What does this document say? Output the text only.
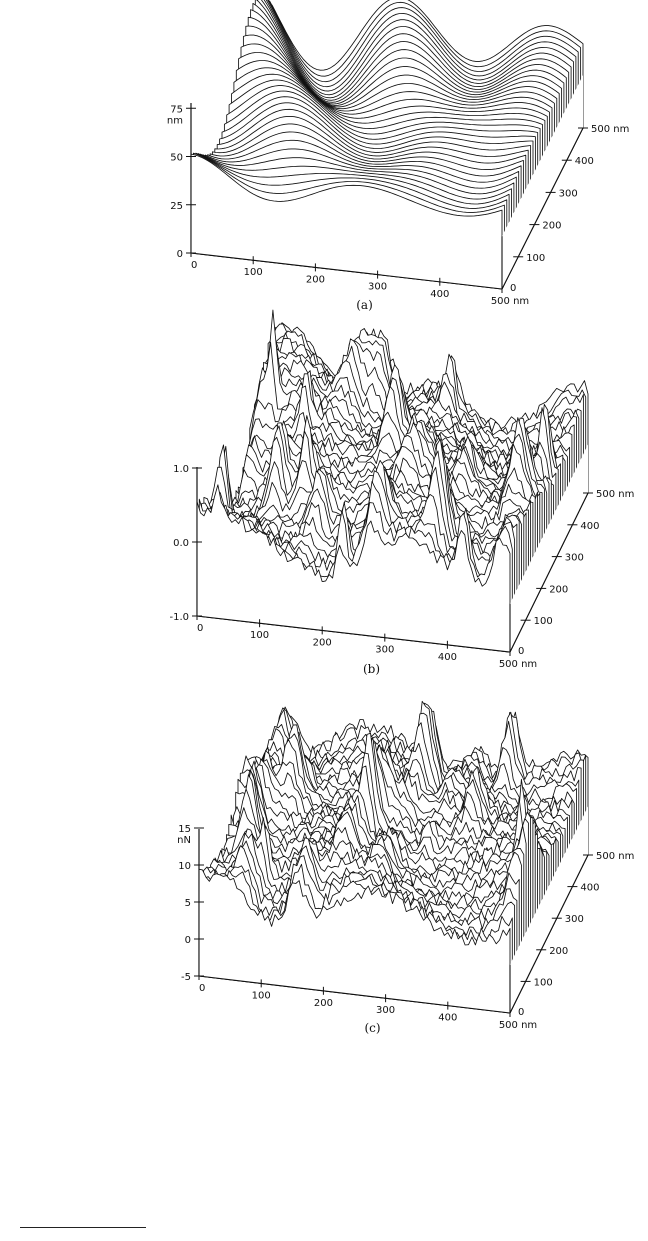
0
100
200
300
400
500 nm
0
100
200
300
400
500 nm
0
25
50
75
nm
(a)
0
100
200
300
400
500 nm
0
100
200
300
400
500 nm
-1.0
0.0
1.0
(b)
0
100
200
300
400
500 nm
0
100
200
300
400
500 nm
-5
0
5
10
15
nN
(c)
